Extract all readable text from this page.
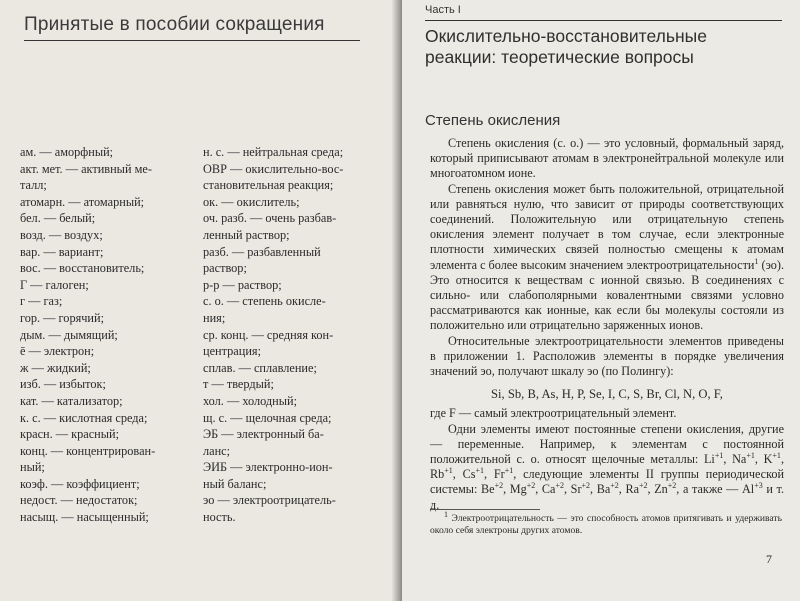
Принятые в пособии сокращения
ам. — аморфный;
акт. мет. — активный ме-
талл;
атомарн. — атомарный;
бел. — белый;
возд. — воздух;
вар. — вариант;
вос. — восстановитель;
Г — галоген;
г — газ;
гор. — горячий;
дым. — дымящий;
ē — электрон;
ж — жидкий;
изб. — избыток;
кат. — катализатор;
к. с. — кислотная среда;
красн. — красный;
конц. — концентрирован-
ный;
коэф. — коэффициент;
недост. — недостаток;
насыщ. — насыщенный;
н. с. — нейтральная среда;
ОВР — окислительно-вос-
становительная реакция;
ок. — окислитель;
оч. разб. — очень разбав-
ленный раствор;
разб. — разбавленный
раствор;
р-р — раствор;
с. о. — степень окисле-
ния;
ср. конц. — средняя кон-
центрация;
сплав. — сплавление;
т — твердый;
хол. — холодный;
щ. с. — щелочная среда;
ЭБ — электронный ба-
ланс;
ЭИБ — электронно-ион-
ный баланс;
эо — электроотрицатель-
ность.
Часть I
Окислительно-восстановительные
реакции: теоретические вопросы
Степень окисления

Степень окисления (с. о.) — это условный, формальный заряд, который приписывают атомам в электронейтральной молекуле или многоатомном ионе.

Степень окисления может быть положительной, отрицательной или равняться нулю, что зависит от природы соответствующих соединений. Положительную или отрицательную степень окисления элемент получает в том случае, если электронные плотности химических связей полностью смещены к атомам элемента с более высоким значением электроотрицательности$^1$ (эо). Это относится к веществам с ионной связью. В соединениях с сильно- или слабополярными ковалентными связями условно рассматриваются как ионные, как если бы молекулы состояли из положительно или отрицательно заряженных ионов.

Относительные электроотрицательности элементов приведены в приложении 1. Расположив элементы в порядке увеличения значений эо, получают шкалу эо (по Полингу):

Si, Sb, B, As, H, P, Se, I, C, S, Br, Cl, N, O, F,

где F — самый электроотрицательный элемент.

Одни элементы имеют постоянные степени окисления, другие — переменные. Например, к элементам с постоянной положительной с. о. относят щелочные металлы: $Li^{+1}$, $Na^{+1}$, $K^{+1}$, $Rb^{+1}$, $Cs^{+1}$, $Fr^{+1}$, следующие элементы II группы периодической системы: $Be^{+2}$, $Mg^{+2}$, $Ca^{+2}$, $Sr^{+2}$, $Ba^{+2}$, $Ra^{+2}$, $Zn^{+2}$, а также — $Al^{+3}$ и т. д.

$^1$ Электроотрицательность — это способность атомов притягивать и удерживать около себя электроны других атомов.

7
